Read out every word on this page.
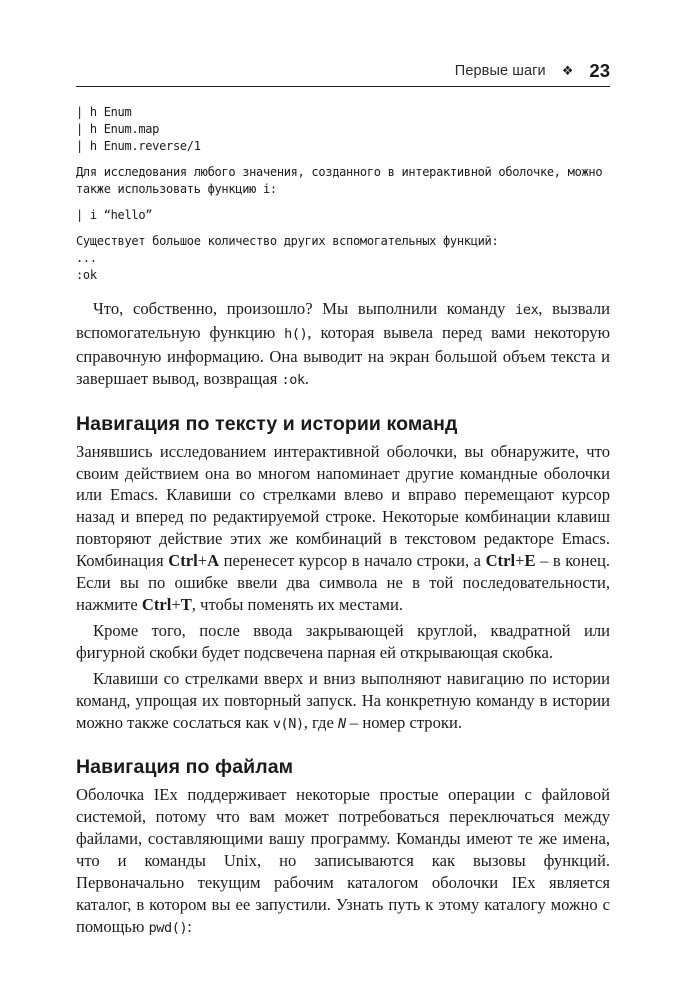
Первые шаги ❖ 23
| h Enum
| h Enum.map
| h Enum.reverse/1
Для исследования любого значения, созданного в интерактивной оболочке, можно
также использовать функцию i:
| i “hello”
Существует большое количество других вспомогательных функций:
...
:ok

Что, собственно, произошло? Мы выполнили команду iex, вызвали вспомогательную функцию h(), которая вывела перед вами некоторую справочную информацию. Она выводит на экран большой объем текста и завершает вывод, возвращая :ok.

Навигация по тексту и истории команд

Занявшись исследованием интерактивной оболочки, вы обнаружите, что своим действием она во многом напоминает другие командные оболочки или Emacs. Клавиши со стрелками влево и вправо перемещают курсор назад и вперед по редактируемой строке. Некоторые комбинации клавиш повторяют действие этих же комбинаций в текстовом редакторе Emacs. Комбинация Ctrl+A перенесет курсор в начало строки, а Ctrl+E – в конец. Если вы по ошибке ввели два символа не в той последовательности, нажмите Ctrl+T, чтобы поменять их местами.

Кроме того, после ввода закрывающей круглой, квадратной или фигурной скобки будет подсвечена парная ей открывающая скобка.

Клавиши со стрелками вверх и вниз выполняют навигацию по истории команд, упрощая их повторный запуск. На конкретную команду в истории можно также сослаться как v(N), где N – номер строки.

Навигация по файлам

Оболочка IEx поддерживает некоторые простые операции с файловой системой, потому что вам может потребоваться переключаться между файлами, составляющими вашу программу. Команды имеют те же имена, что и команды Unix, но записываются как вызовы функций. Первоначально текущим рабочим каталогом оболочки IEx является каталог, в котором вы ее запустили. Узнать путь к этому каталогу можно с помощью pwd():
